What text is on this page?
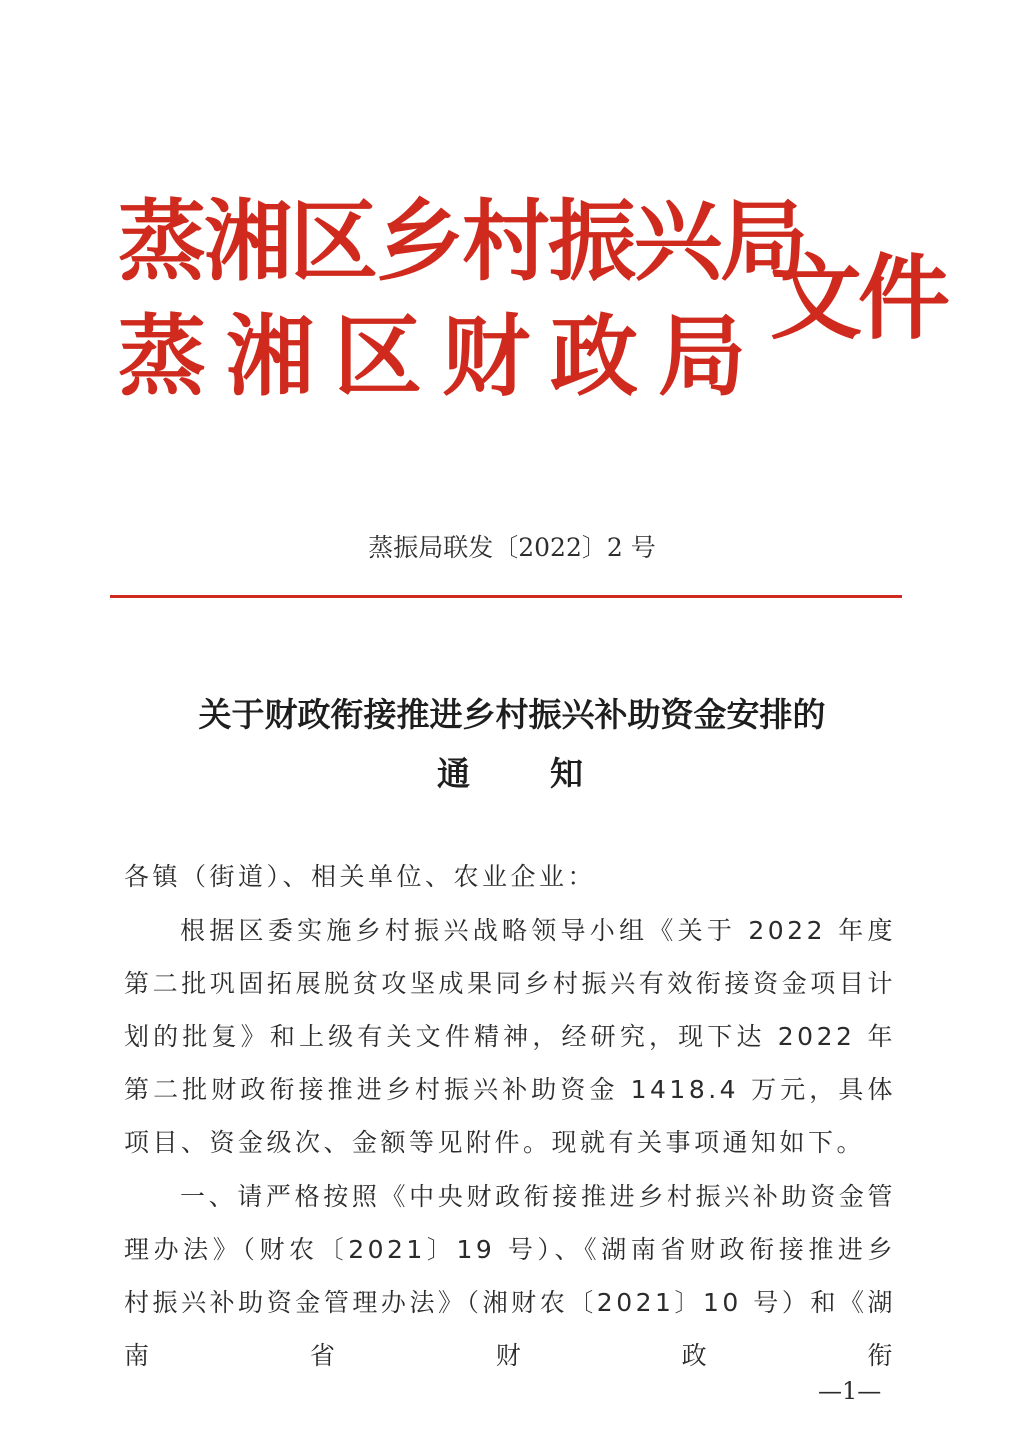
蒸湘区乡村振兴局
蒸湘区财政局
文件
蒸振局联发〔2022〕2 号
关于财政衔接推进乡村振兴补助资金安排的
通 知
各镇（街道）、相关单位、农业企业：
根据区委实施乡村振兴战略领导小组《关于 2022 年度第二批巩固拓展脱贫攻坚成果同乡村振兴有效衔接资金项目计划的批复》和上级有关文件精神，经研究，现下达 2022 年第二批财政衔接推进乡村振兴补助资金 1418.4 万元，具体项目、资金级次、金额等见附件。现就有关事项通知如下。
一、请严格按照《中央财政衔接推进乡村振兴补助资金管理办法》（财农〔2021〕19 号）、《湖南省财政衔接推进乡村振兴补助资金管理办法》（湘财农〔2021〕10 号）和《湖南省财政衔
—1—
